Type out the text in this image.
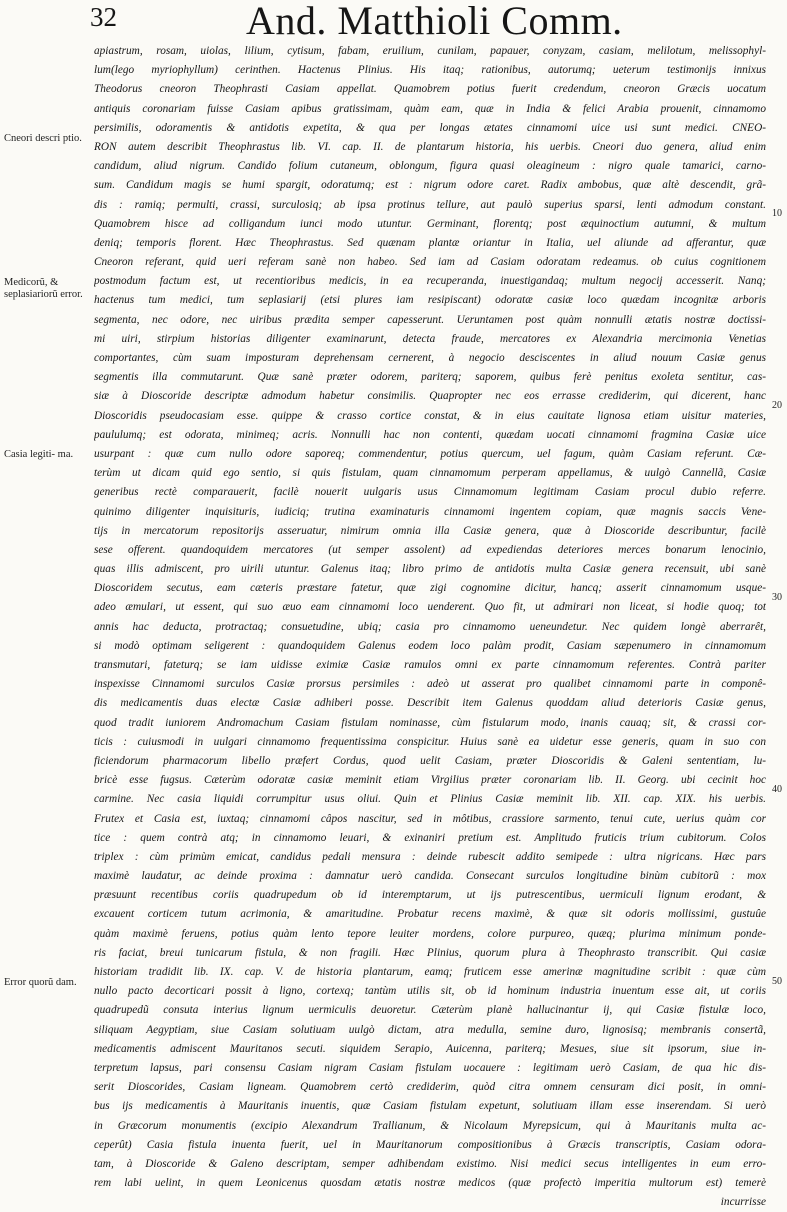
32	And. Matthioli Comm.
Cneori descri ptio.
Medicorũ, & seplasiariorũ error.
Casia legiti- ma.
Error quorũ dam.
10
20
30
40
50
apiastrum, rosam, uiolas, lilium, cytisum, fabam, eruilium, cunilam, papauer, conyzam, casiam, melilotum, melissophyl-
lum(lego myriophyllum) cerinthen. Hactenus Plinius. His itaq; rationibus, autorumq; ueterum testimonijs innixus
Theodorus cneoron Theophrasti Casiam appellat. Quamobrem potius fuerit credendum, cneoron Græcis uocatum
antiquis coronariam fuisse Casiam apibus gratissimam, quàm eam, quæ in India & felici Arabia prouenit, cinnamomo
persimilis, odoramentis & antidotis expetita, & qua per longas ætates cinnamomi uice usi sunt medici. CNEO-
RON autem describit Theophrastus lib. VI. cap. II. de plantarum historia, his uerbis. Cneori duo genera, aliud enim
candidum, aliud nigrum. Candido folium cutaneum, oblongum, figura quasi oleagineum : nigro quale tamarici, carno-
sum. Candidum magis se humi spargit, odoratumq; est : nigrum odore caret. Radix ambobus, quæ altè descendit, grã-
dis : ramiq; permulti, crassi, surculosiq; ab ipsa protinus tellure, aut paulò superius sparsi, lenti admodum constant.
Quamobrem hisce ad colligandum iunci modo utuntur. Germinant, florentq; post æquinoctium autumni, & multum
deniq; temporis florent. Hæc Theophrastus. Sed quænam plantæ oriantur in Italia, uel aliunde ad afferantur, quæ
Cneoron referant, quid ueri referam sanè non habeo. Sed iam ad Casiam odoratam redeamus. ob cuius cognitionem
postmodum factum est, ut recentioribus medicis, in ea recuperanda, inuestigandaq; multum negocij accesserit. Nanq;
hactenus tum medici, tum seplasiarij (etsi plures iam resipiscant) odoratæ casiæ loco quædam incognitæ arboris
segmenta, nec odore, nec uiribus prædita semper capesserunt. Ueruntamen post quàm nonnulli ætatis nostræ doctissi-
mi uiri, stirpium historias diligenter examinarunt, detecta fraude, mercatores ex Alexandria mercimonia Venetias
comportantes, cùm suam imposturam deprehensam cernerent, à negocio desciscentes in aliud nouum Casiæ genus
segmentis illa commutarunt. Quæ sanè præter odorem, pariterq; saporem, quibus ferè penitus exoleta sentitur, cas-
siæ à Dioscoride descriptæ admodum habetur consimilis. Quapropter nec eos errasse crediderim, qui dicerent, hanc
Dioscoridis pseudocasiam esse. quippe & crasso cortice constat, & in eius cauitate lignosa etiam uisitur materies,
paululumq; est odorata, minimeq; acris. Nonnulli hac non contenti, quædam uocati cinnamomi fragmina Casiæ uice
usurpant : quæ cum nullo odore saporeq; commendentur, potius quercum, uel fagum, quàm Casiam referunt. Cæ-
terùm ut dicam quid ego sentio, si quis fistulam, quam cinnamomum perperam appellamus, & uulgò Cannellã, Casiæ
generibus rectè comparauerit, facilè nouerit uulgaris usus Cinnamomum legitimam Casiam procul dubio referre.
quinimo diligenter inquisituris, iudiciq; trutina examinaturis cinnamomi ingentem copiam, quæ magnis saccis Vene-
tijs in mercatorum repositorijs asseruatur, nimirum omnia illa Casiæ genera, quæ à Dioscoride describuntur, facilè
sese offerent. quandoquidem mercatores (ut semper assolent) ad expediendas deteriores merces bonarum lenocinio,
quas illis admiscent, pro uirili utuntur. Galenus itaq; libro primo de antidotis multa Casiæ genera recensuit, ubi sanè
Dioscoridem secutus, eam cæteris præstare fatetur, quæ zigi cognomine dicitur, hancq; asserit cinnamomum usque-
adeo æmulari, ut essent, qui suo æuo eam cinnamomi loco uenderent. Quo fit, ut admirari non liceat, si hodie quoq; tot
annis hac deducta, protractaq; consuetudine, ubiq; casia pro cinnamomo ueneundetur. Nec quidem longè aberrarêt,
si modò optimam seligerent : quandoquidem Galenus eodem loco palàm prodit, Casiam sæpenumero in cinnamomum
transmutari, fateturq; se iam uidisse eximiæ Casiæ ramulos omni ex parte cinnamomum referentes. Contrà pariter
inspexisse Cinnamomi surculos Casiæ prorsus persimiles : adeò ut asserat pro qualibet cinnamomi parte in componê-
dis medicamentis duas electæ Casiæ adhiberi posse. Describit item Galenus quoddam aliud deterioris Casiæ genus,
quod tradit iuniorem Andromachum Casiam fistulam nominasse, cùm fistularum modo, inanis cauaq; sit, & crassi cor-
ticis : cuiusmodi in uulgari cinnamomo frequentissima conspicitur. Huius sanè ea uidetur esse generis, quam in suo con
ficiendorum pharmacorum libello præfert Cordus, quod uelit Casiam, præter Dioscoridis & Galeni sententiam, lu-
bricè esse fugsus. Cæterùm odoratæ casiæ meminit etiam Virgilius præter coronariam lib. II. Georg. ubi cecinit hoc
carmine. Nec casia liquidi corrumpitur usus oliui. Quin et Plinius Casiæ meminit lib. XII. cap. XIX. his uerbis.
Frutex et Casia est, iuxtaq; cinnamomi câpos nascitur, sed in môtibus, crassiore sarmento, tenui cute, uerius quàm cor
tice : quem contrà atq; in cinnamomo leuari, & exinaniri pretium est. Amplitudo fruticis trium cubitorum. Colos
triplex : cùm primùm emicat, candidus pedali mensura : deinde rubescit addito semipede : ultra nigricans. Hæc pars
maximè laudatur, ac deinde proxima : damnatur uerò candida. Consecant surculos longitudine binùm cubitorũ : mox
præsuunt recentibus coriis quadrupedum ob id interemptarum, ut ijs putrescentibus, uermiculi lignum erodant, &
excauent corticem tutum acrimonia, & amaritudine. Probatur recens maximè, & quæ sit odoris mollissimi, gustuûe
quàm maximè feruens, potius quàm lento tepore leuiter mordens, colore purpureo, quæq; plurima minimum ponde-
ris faciat, breui tunicarum fistula, & non fragili. Hæc Plinius, quorum plura à Theophrasto transcribit. Qui casiæ
historiam tradidit lib. IX. cap. V. de historia plantarum, eamq; fruticem esse amerinæ magnitudine scribit : quæ cùm
nullo pacto decorticari possit à ligno, cortexq; tantùm utilis sit, ob id hominum industria inuentum esse ait, ut coriis
quadrupedũ consuta interius lignum uermiculis deuoretur. Cæterùm planè hallucinantur ij, qui Casiæ fistulæ loco,
siliquam Aegyptiam, siue Casiam solutiuam uulgò dictam, atra medulla, semine duro, lignosisq; membranis consertã,
medicamentis admiscent Mauritanos secuti. siquidem Serapio, Auicenna, pariterq; Mesues, siue sit ipsorum, siue in-
terpretum lapsus, pari consensu Casiam nigram Casiam fistulam uocauere : legitimam uerò Casiam, de qua hic dis-
serit Dioscorides, Casiam ligneam. Quamobrem certò crediderim, quòd citra omnem censuram dici posit, in omni-
bus ijs medicamentis à Mauritanis inuentis, quæ Casiam fistulam expetunt, solutiuam illam esse inserendam. Si uerò
in Græcorum monumentis (excipio Alexandrum Trallianum, & Nicolaum Myrepsicum, qui à Mauritanis multa ac-
ceperût) Casia fistula inuenta fuerit, uel in Mauritanorum compositionibus à Græcis transcriptis, Casiam odora-
tam, à Dioscoride & Galeno descriptam, semper adhibendam existimo. Nisi medici secus intelligentes in eum erro-
rem labi uelint, in quem Leonicenus quosdam ætatis nostræ medicos (quæ profectò imperitia multorum est) temerè
incurrisse
